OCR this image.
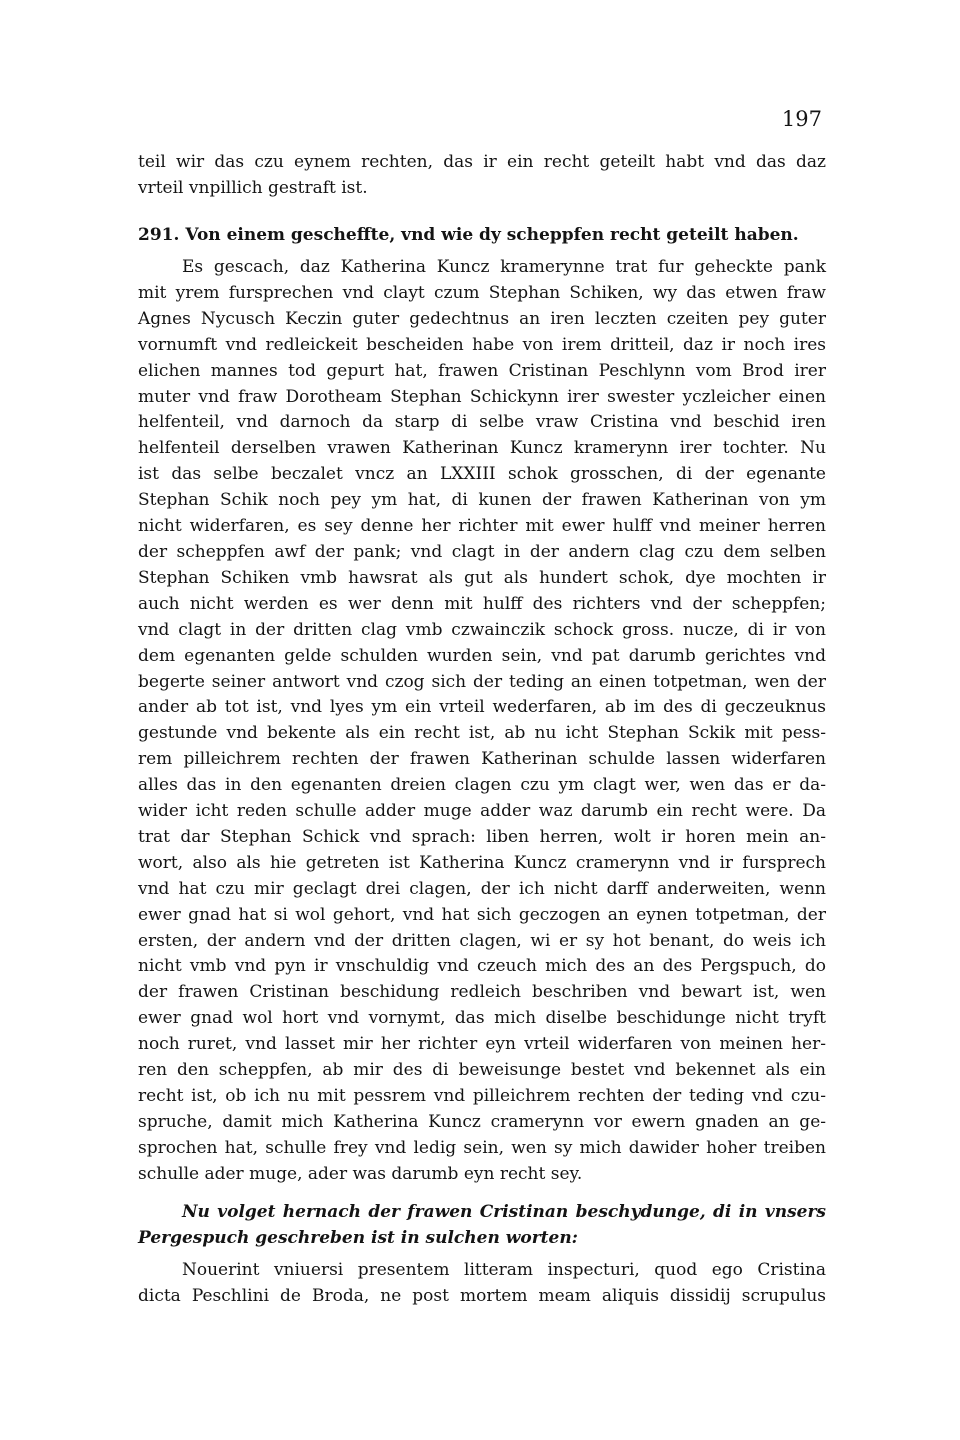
197
teil wir das czu eynem rechten, das ir ein recht geteilt habt vnd das daz
vrteil vnpillich gestraft ist.
291. Von einem gescheffte, vnd wie dy scheppfen recht geteilt haben.
Es gescach, daz Katherina Kuncz kramerynne trat fur geheckte pank
mit yrem fursprechen vnd clayt czum Stephan Schiken, wy das etwen fraw
Agnes Nycusch Keczin guter gedechtnus an iren leczten czeiten pey guter
vornumft vnd redleickeit bescheiden habe von irem dritteil, daz ir noch ires
elichen mannes tod gepurt hat, frawen Cristinan Peschlynn vom Brod irer
muter vnd fraw Dorotheam Stephan Schickynn irer swester yczleicher einen
helfenteil, vnd darnoch da starp di selbe vraw Cristina vnd beschid iren
helfenteil derselben vrawen Katherinan Kuncz kramerynn irer tochter. Nu
ist das selbe beczalet vncz an LXXIII schok grosschen, di der egenante
Stephan Schik noch pey ym hat, di kunen der frawen Katherinan von ym
nicht widerfaren, es sey denne her richter mit ewer hulff vnd meiner herren
der scheppfen awf der pank; vnd clagt in der andern clag czu dem selben
Stephan Schiken vmb hawsrat als gut als hundert schok, dye mochten ir
auch nicht werden es wer denn mit hulff des richters vnd der scheppfen;
vnd clagt in der dritten clag vmb czwainczik schock gross. nucze, di ir von
dem egenanten gelde schulden wurden sein, vnd pat darumb gerichtes vnd
begerte seiner antwort vnd czog sich der teding an einen totpetman, wen der
ander ab tot ist, vnd lyes ym ein vrteil wederfaren, ab im des di geczeuknus
gestunde vnd bekente als ein recht ist, ab nu icht Stephan Sckik mit pess-
rem pilleichrem rechten der frawen Katherinan schulde lassen widerfaren
alles das in den egenanten dreien clagen czu ym clagt wer, wen das er da-
wider icht reden schulle adder muge adder waz darumb ein recht were. Da
trat dar Stephan Schick vnd sprach: liben herren, wolt ir horen mein an-
wort, also als hie getreten ist Katherina Kuncz cramerynn vnd ir fursprech
vnd hat czu mir geclagt drei clagen, der ich nicht darff anderweiten, wenn
ewer gnad hat si wol gehort, vnd hat sich geczogen an eynen totpetman, der
ersten, der andern vnd der dritten clagen, wi er sy hot benant, do weis ich
nicht vmb vnd pyn ir vnschuldig vnd czeuch mich des an des Pergspuch, do
der frawen Cristinan beschidung redleich beschriben vnd bewart ist, wen
ewer gnad wol hort vnd vornymt, das mich diselbe beschidunge nicht tryft
noch ruret, vnd lasset mir her richter eyn vrteil widerfaren von meinen her-
ren den scheppfen, ab mir des di beweisunge bestet vnd bekennet als ein
recht ist, ob ich nu mit pessrem vnd pilleichrem rechten der teding vnd czu-
spruche, damit mich Katherina Kuncz cramerynn vor ewern gnaden an ge-
sprochen hat, schulle frey vnd ledig sein, wen sy mich dawider hoher treiben
schulle ader muge, ader was darumb eyn recht sey.
Nu volget hernach der frawen Cristinan beschydunge, di in vnsers
Pergespuch geschreben ist in sulchen worten:
Nouerint vniuersi presentem litteram inspecturi, quod ego Cristina
dicta Peschlini de Broda, ne post mortem meam aliquis dissidij scrupulus
